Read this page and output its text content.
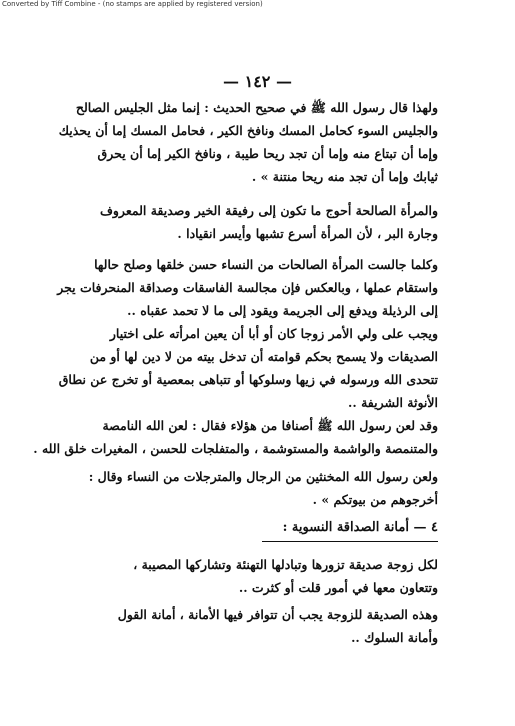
Converted by Tiff Combine - (no stamps are applied by registered version)
— ١٤٢ —
ولهذا قال رسول الله ﷺ في صحيح الحديث : إنما مثل الجليس الصالح
والجليس السوء كحامل المسك ونافخ الكير ، فحامل المسك إما أن يحذيك
وإما أن تبتاع منه وإما أن تجد ريحا طيبة ، ونافخ الكير إما أن يحرق
ثيابك وإما أن تجد منه ريحا منتنة » .
والمرأة الصالحة أحوج ما تكون إلى رفيقة الخير وصديقة المعروف
وجارة البر ، لأن المرأة أسرع تشبها وأيسر انقيادا .
وكلما جالست المرأة الصالحات من النساء حسن خلقها وصلح حالها
واستقام عملها ، وبالعكس فإن مجالسة الفاسقات وصداقة المنحرفات يجر
إلى الرذيلة ويدفع إلى الجريمة ويقود إلى ما لا تحمد عقباه ..
ويجب على ولي الأمر زوجا كان أو أبا أن يعين امرأته على اختيار
الصديقات ولا يسمح بحكم قوامته أن تدخل بيته من لا دين لها أو من
تتحدى الله ورسوله في زيها وسلوكها أو تتباهى بمعصية أو تخرج عن نطاق
الأنوثة الشريفة ..
وقد لعن رسول الله ﷺ أصنافا من هؤلاء فقال : لعن الله النامصة
والمتنمصة والواشمة والمستوشمة ، والمتفلجات للحسن ، المغيرات خلق الله .
ولعن رسول الله المخنثين من الرجال والمترجلات من النساء وقال :
أخرجوهم من بيوتكم » .
٤ — أمانة الصداقة النسوية :
لكل زوجة صديقة تزورها وتبادلها التهنئة وتشاركها المصيبة ،
وتتعاون معها في أمور قلت أو كثرت ..
وهذه الصديقة للزوجة يجب أن تتوافر فيها الأمانة ، أمانة القول
وأمانة السلوك ..
